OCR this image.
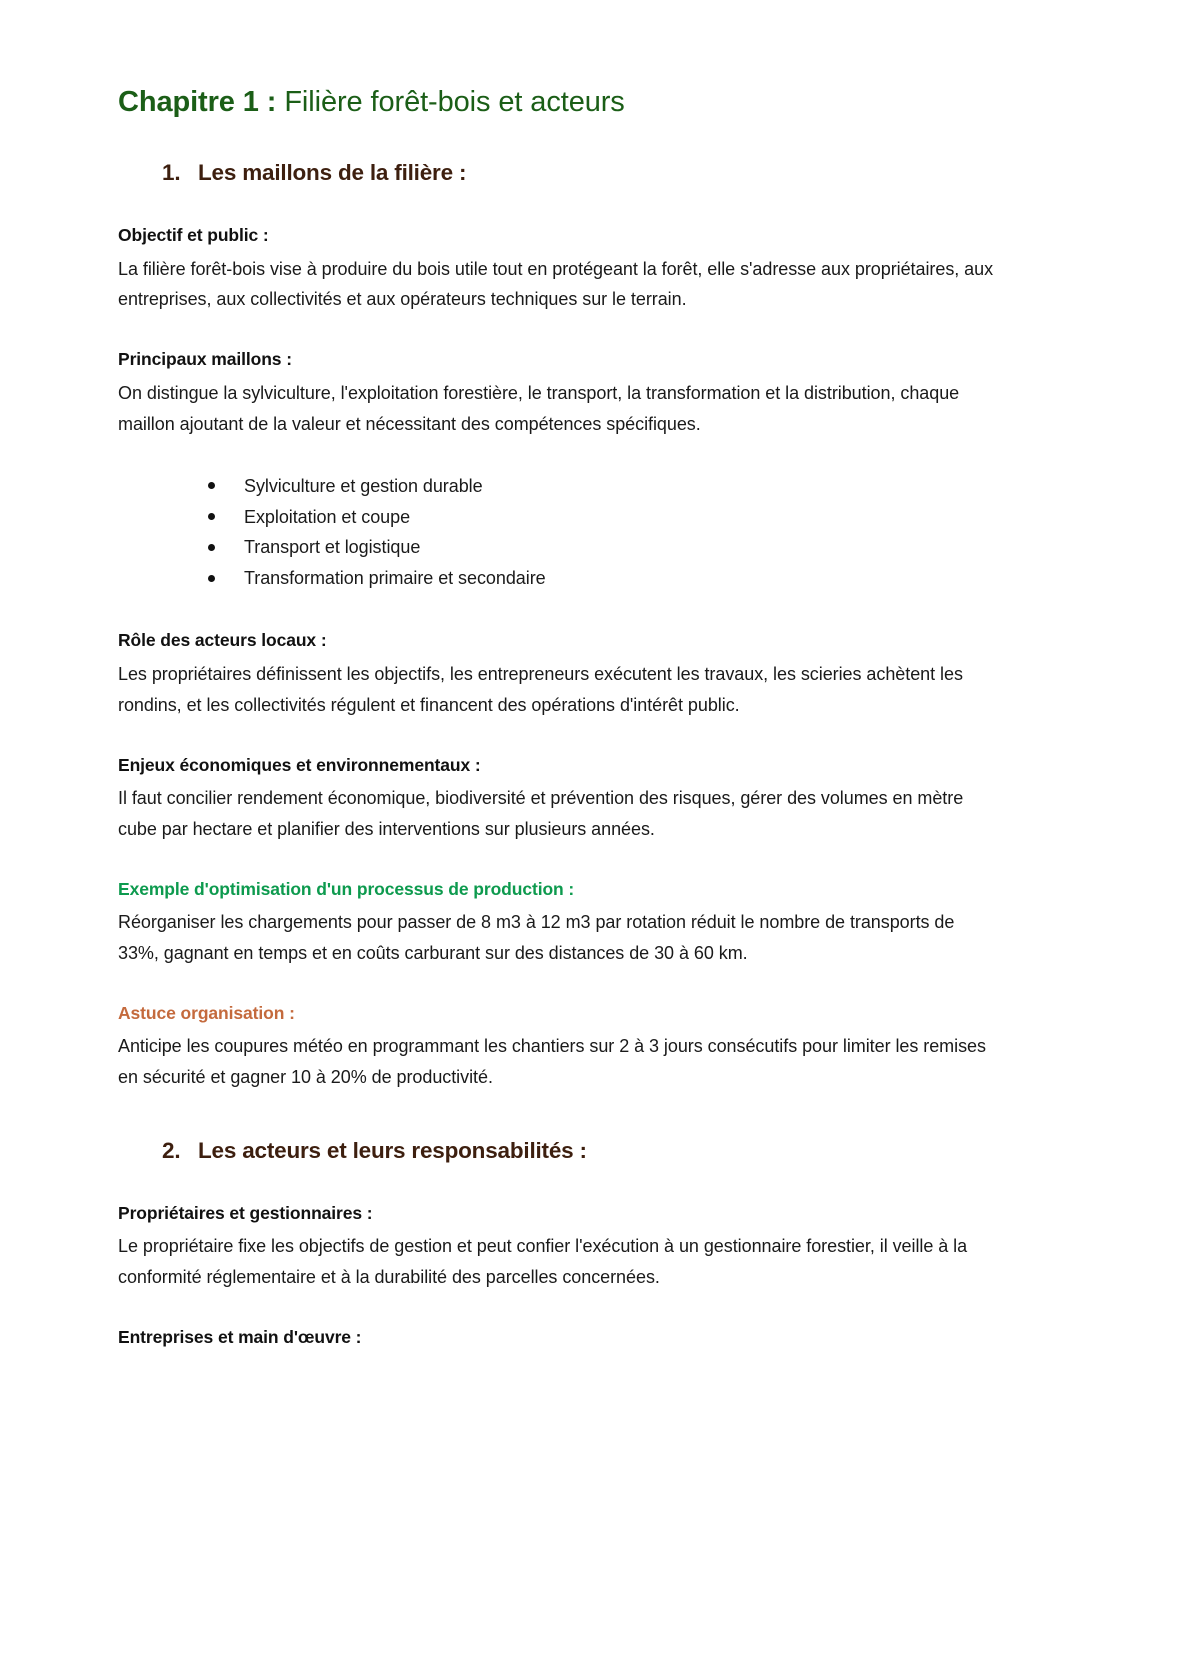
Chapitre 1 : Filière forêt-bois et acteurs
1. Les maillons de la filière :
Objectif et public :

La filière forêt-bois vise à produire du bois utile tout en protégeant la forêt, elle s'adresse aux propriétaires, aux entreprises, aux collectivités et aux opérateurs techniques sur le terrain.

Principaux maillons :

On distingue la sylviculture, l'exploitation forestière, le transport, la transformation et la distribution, chaque maillon ajoutant de la valeur et nécessitant des compétences spécifiques.

Sylviculture et gestion durable
Exploitation et coupe
Transport et logistique
Transformation primaire et secondaire
Rôle des acteurs locaux :

Les propriétaires définissent les objectifs, les entrepreneurs exécutent les travaux, les scieries achètent les rondins, et les collectivités régulent et financent des opérations d'intérêt public.

Enjeux économiques et environnementaux :

Il faut concilier rendement économique, biodiversité et prévention des risques, gérer des volumes en mètre cube par hectare et planifier des interventions sur plusieurs années.

Exemple d'optimisation d'un processus de production :

Réorganiser les chargements pour passer de 8 m3 à 12 m3 par rotation réduit le nombre de transports de 33%, gagnant en temps et en coûts carburant sur des distances de 30 à 60 km.

Astuce organisation :

Anticipe les coupures météo en programmant les chantiers sur 2 à 3 jours consécutifs pour limiter les remises en sécurité et gagner 10 à 20% de productivité.

2. Les acteurs et leurs responsabilités :
Propriétaires et gestionnaires :

Le propriétaire fixe les objectifs de gestion et peut confier l'exécution à un gestionnaire forestier, il veille à la conformité réglementaire et à la durabilité des parcelles concernées.

Entreprises et main d'œuvre :
